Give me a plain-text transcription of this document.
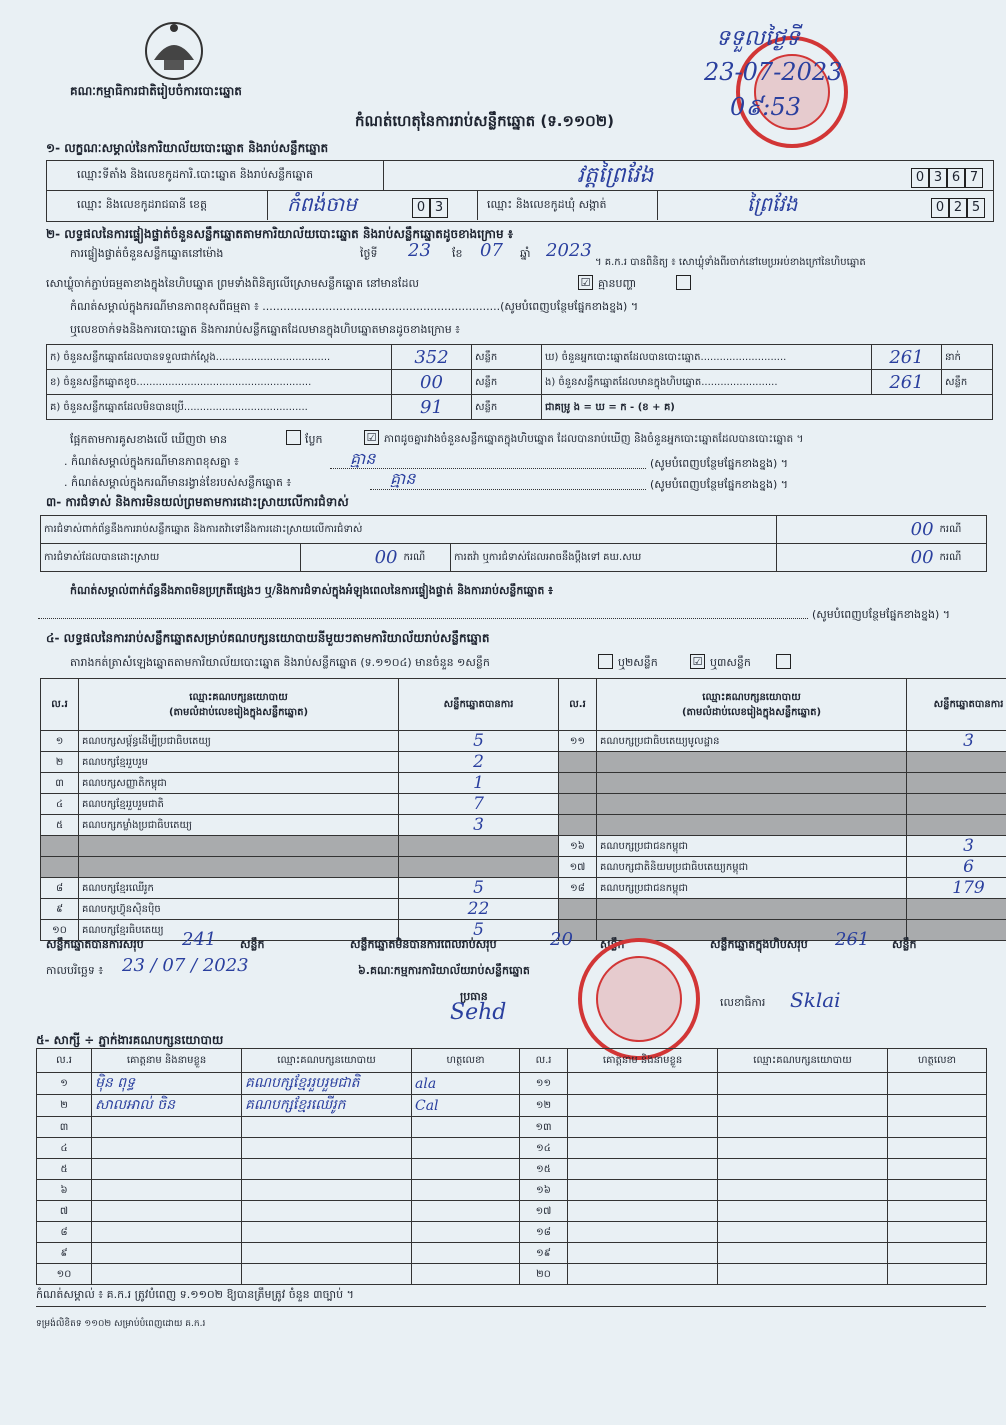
គណៈកម្មាធិការជាតិរៀបចំការបោះឆ្នោត
កំណត់ហេតុនៃការរាប់សន្លឹកឆ្នោត (ទ.១១០២)
ទទួលថ្ងៃទី
23-07-2023
0៩:53
១- លក្ខណៈសម្គាល់នៃការិយាល័យបោះឆ្នោត និងរាប់សន្លឹកឆ្នោត
ឈ្មោះទីតាំង និងលេខកូដការិ.បោះឆ្នោត និងរាប់សន្លឹកឆ្នោត	វត្តព្រៃវែង	0 3 6 7
ឈ្មោះ និងលេខកូដរាជធានី ខេត្ត	កំពង់ចាម	0 3	ឈ្មោះ និងលេខកូដឃុំ សង្កាត់	ព្រៃវែង	0 2 5
២- លទ្ធផលនៃការផ្ទៀងផ្ទាត់ចំនួនសន្លឹកឆ្នោតតាមការិយាល័យបោះឆ្នោត និងរាប់សន្លឹកឆ្នោតដូចខាងក្រោម ៖
ការផ្ទៀងផ្ទាត់ចំនួនសន្លឹកឆ្នោតនៅម៉ោង	ថ្ងៃទី 23 ខែ 07 ឆ្នាំ 2023
។ គ.ក.រ បានពិនិត្យ ៖ សោឃ្លុំទាំងពីរចាក់នៅមេប្រអប់ខាងក្រៅនៃហិបឆ្នោត
សោឃ្លុំចាក់ភ្ជាប់ធម្មតាខាងក្នុងនៃហិបឆ្នោត ព្រមទាំងពិនិត្យលើស្រោមសន្លឹកឆ្នោត នៅមានដែល	☑ គ្មានបញ្ហា
កំណត់សម្គាល់ក្នុងករណីមានភាពខុសពីធម្មតា ៖ ....................................................................(សូមបំពេញបន្ថែមផ្នែកខាងខ្នង) ។
ឬលេខចាក់ទងនិងការបោះឆ្នោត និងការរាប់សន្លឹកឆ្នោតដែលមានក្នុងហិបឆ្នោតមានដូចខាងក្រោម ៖
ក) ចំនួនសន្លឹកឆ្នោតដែលបានទទួលជាក់ស្តែង....................................	352	សន្លឹក	ឃ) ចំនួនអ្នកបោះឆ្នោតដែលបានបោះឆ្នោត...........................	261	នាក់
ខ) ចំនួនសន្លឹកឆ្នោតខូច.......................................................	00	សន្លឹក	ង) ចំនួនសន្លឹកឆ្នោតដែលមានក្នុងហិបឆ្នោត........................	261	សន្លឹក
គ) ចំនួនសន្លឹកឆ្នោតដែលមិនបានប្រើ.......................................	91	សន្លឹក	ជាគម្រូ ង = ឃ = ក - (ខ + គ)		
ផ្អែកតាមការគូសខាងលើ ឃើញថា មាន	ប្លែក	☑ ភាពដូចគ្នារវាងចំនួនសន្លឹកឆ្នោតក្នុងហិបឆ្នោត ដែលបានរាប់ឃើញ និងចំនួនអ្នកបោះឆ្នោតដែលបានបោះឆ្នោត ។
. កំណត់សម្គាល់ក្នុងករណីមានភាពខុសគ្នា ៖	គ្មាន	(សូមបំពេញបន្ថែមផ្នែកខាងខ្នង) ។
. កំណត់សម្គាល់ក្នុងករណីមានរង្វាន់ខែរបស់សន្លឹកឆ្នោត ៖	គ្មាន	(សូមបំពេញបន្ថែមផ្នែកខាងខ្នង) ។
៣- ការជំទាស់ និងការមិនយល់ព្រមតាមការដោះស្រាយលើការជំទាស់
ការជំទាស់ពាក់ព័ន្ធនឹងការរាប់សន្លឹកឆ្នោត និងការតវ៉ាទៅនឹងការដោះស្រាយលើការជំទាស់				00	ករណី
ការជំទាស់ដែលបានដោះស្រាយ	00	ករណី	ការតវ៉ា ឬការជំទាស់ដែលអាចនឹងប្ដឹងទៅ គឃ.សឃ	00	ករណី
កំណត់សម្គាល់ពាក់ព័ន្ធនឹងភាពមិនប្រក្រតីផ្សេងៗ ឬ/និងការជំទាស់ក្នុងអំឡុងពេលនៃការផ្ទៀងផ្ទាត់ និងការរាប់សន្លឹកឆ្នោត ៖
(សូមបំពេញបន្ថែមផ្នែកខាងខ្នង) ។
៤- លទ្ធផលនៃការរាប់សន្លឹកឆ្នោតសម្រាប់គណបក្សនយោបាយនីមួយៗតាមការិយាល័យរាប់សន្លឹកឆ្នោត
តារាងកត់ត្រាសំឡេងឆ្នោតតាមការិយាល័យបោះឆ្នោត និងរាប់សន្លឹកឆ្នោត (ទ.១១០៤) មានចំនួន ១សន្លឹក	ឬ២សន្លឹក	☑ ឬ៣សន្លឹក
ល.រ	ឈ្មោះគណបក្សនយោបាយ
(តាមលំដាប់លេខរៀងក្នុងសន្លឹកឆ្នោត)	សន្លឹកឆ្នោតបានការ	ល.រ	ឈ្មោះគណបក្សនយោបាយ
(តាមលំដាប់លេខរៀងក្នុងសន្លឹកឆ្នោត)	សន្លឹកឆ្នោតបានការ
១	គណបក្សសម្ព័ន្ធដើម្បីប្រជាធិបតេយ្យ	5	១១	គណបក្សប្រជាធិបតេយ្យមូលដ្ឋាន	3
២	គណបក្សខ្មែររួបរួម	2			
៣	គណបក្សសញ្ញាតិកម្ពុជា	1			
៤	គណបក្សខ្មែររួបរួមជាតិ	7			
៥	គណបក្សកម្លាំងប្រជាធិបតេយ្យ	3			
			១៦	គណបក្សប្រជាជនកម្ពុជា	3
			១៧	គណបក្សជាតិនិយមប្រជាធិបតេយ្យកម្ពុជា	6
៨	គណបក្សខ្មែរឈើរូក	5	១៨	គណបក្សប្រជាជនកម្ពុជា	179
៩	គណបក្សហ៊្វុនស៊ិនប៉ិច	22			
១០	គណបក្សខ្មែរធិបតេយ្យ	5			
សន្លឹកឆ្នោតបានការសរុប 241 សន្លឹក	សន្លឹកឆ្នោតមិនបានការពេលរាប់សរុប	20 សន្លឹក	សន្លឹកឆ្នោតក្នុងហិបសរុប 261 សន្លឹក
កាលបរិច្ឆេទ ៖ 23 / 07 / 2023	៦.គណៈកម្មការការិយាល័យរាប់សន្លឹកឆ្នោត
ប្រធាន
Sehd	លេខាធិការ Sklai
៥- សាក្សី ÷ ភ្នាក់ងារគណបក្សនយោបាយ
ល.រ	គោត្តនាម និងនាមខ្លួន	ឈ្មោះគណបក្សនយោបាយ	ហត្ថលេខា	ល.រ	គោត្តនាម និងនាមខ្លួន	ឈ្មោះគណបក្សនយោបាយ	ហត្ថលេខា
១	ម៉ិន ពុទ្ធ	គណបក្សខ្មែររួបរួមជាតិ	ala	១១			
២	សាលអាល់ ចិន	គណបក្សខ្មែរឈើរូក	Cal	១២			
៣				១៣			
៤				១៤			
៥				១៥			
៦				១៦			
៧				១៧			
៨				១៨			
៩				១៩			
១០				២០			
កំណត់សម្គាល់ ៖ គ.ក.រ ត្រូវបំពេញ ទ.១១០២ ឱ្យបានត្រឹមត្រូវ ចំនួន ៣ច្បាប់ ។
ទម្រង់លិខិតទ ១១០២ សម្រាប់បំពេញដោយ គ.ក.រ
